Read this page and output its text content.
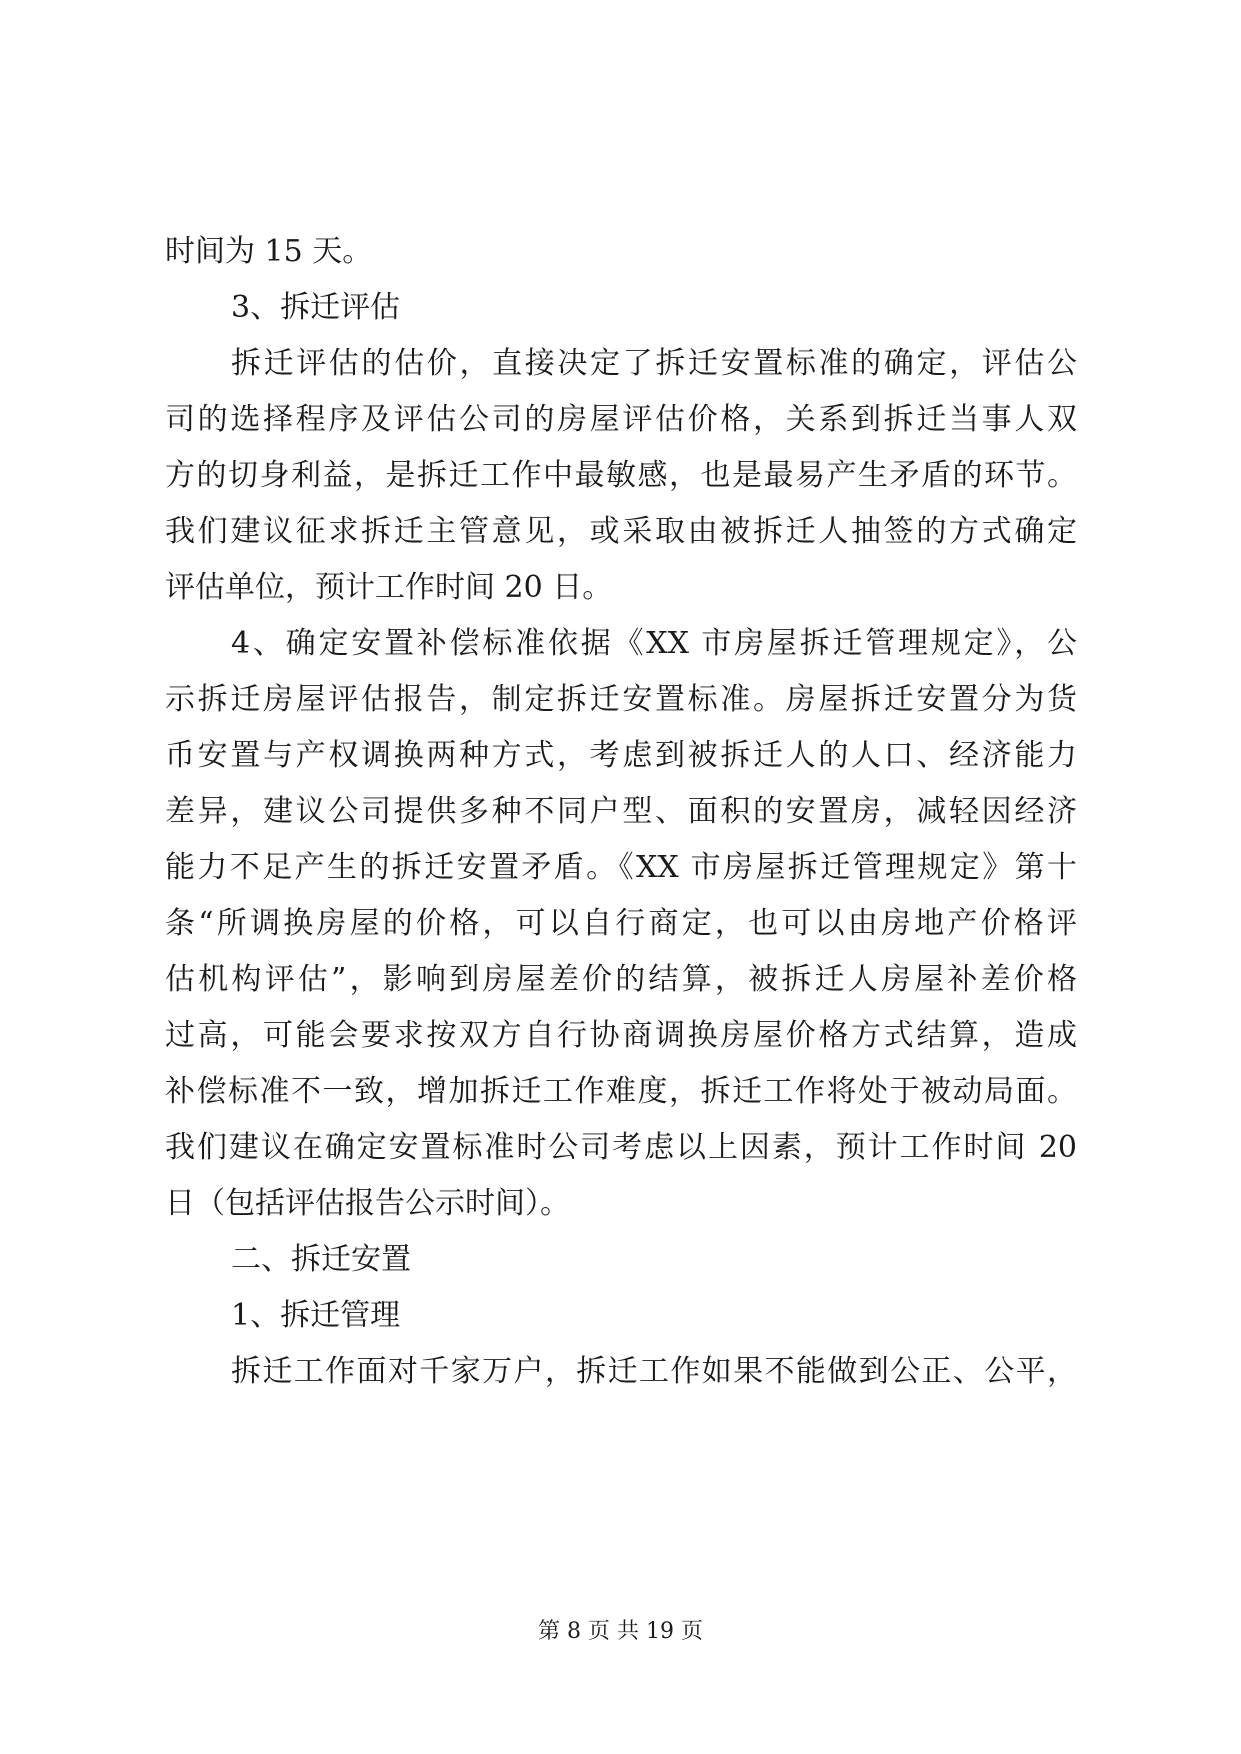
时间为 15 天。
3、拆迁评估
拆迁评估的估价，直接决定了拆迁安置标准的确定，评估公
司的选择程序及评估公司的房屋评估价格，关系到拆迁当事人双
方的切身利益，是拆迁工作中最敏感，也是最易产生矛盾的环节。
我们建议征求拆迁主管意见，或采取由被拆迁人抽签的方式确定
评估单位，预计工作时间 20 日。
4、确定安置补偿标准依据《XX 市房屋拆迁管理规定》，公
示拆迁房屋评估报告，制定拆迁安置标准。房屋拆迁安置分为货
币安置与产权调换两种方式，考虑到被拆迁人的人口、经济能力
差异，建议公司提供多种不同户型、面积的安置房，减轻因经济
能力不足产生的拆迁安置矛盾。《XX 市房屋拆迁管理规定》第十
条“所调换房屋的价格，可以自行商定，也可以由房地产价格评
估机构评估”，影响到房屋差价的结算，被拆迁人房屋补差价格
过高，可能会要求按双方自行协商调换房屋价格方式结算，造成
补偿标准不一致，增加拆迁工作难度，拆迁工作将处于被动局面。
我们建议在确定安置标准时公司考虑以上因素，预计工作时间 20
日（包括评估报告公示时间）。
二、拆迁安置
1、拆迁管理
拆迁工作面对千家万户，拆迁工作如果不能做到公正、公平，
第 8 页 共 19 页
